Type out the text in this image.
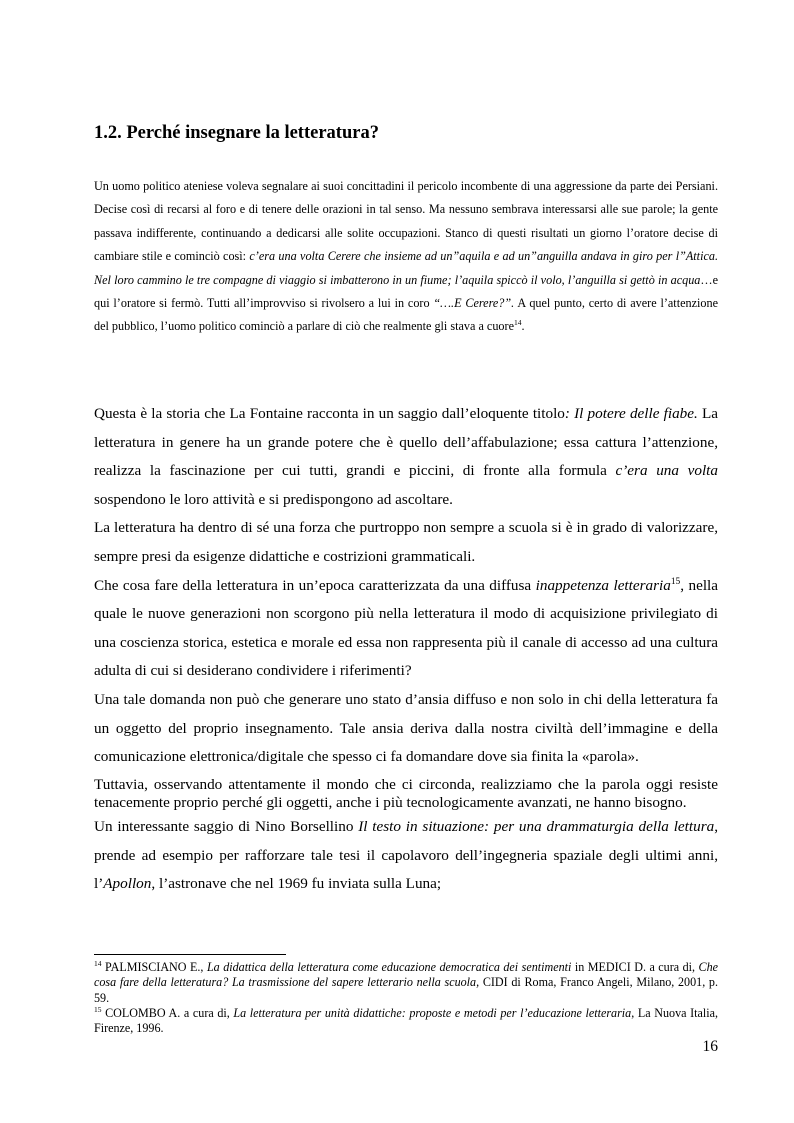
1.2. Perché insegnare la letteratura?

Un uomo politico ateniese voleva segnalare ai suoi concittadini il pericolo incombente di una aggressione da parte dei Persiani. Decise così di recarsi al foro e di tenere delle orazioni in tal senso. Ma nessuno sembrava interessarsi alle sue parole; la gente passava indifferente, continuando a dedicarsi alle solite occupazioni. Stanco di questi risultati un giorno l’oratore decise di cambiare stile e cominciò così: c’era una volta Cerere che insieme ad un”aquila e ad un”anguilla andava in giro per l”Attica. Nel loro cammino le tre compagne di viaggio si imbatterono in un fiume; l’aquila spiccò il volo, l’anguilla si gettò in acqua…e qui l’oratore si fermò. Tutti all’improvviso si rivolsero a lui in coro “….E Cerere?”. A quel punto, certo di avere l’attenzione del pubblico, l’uomo politico cominciò a parlare di ciò che realmente gli stava a cuore$^{14}$.

Questa è la storia che La Fontaine racconta in un saggio dall’eloquente titolo: Il potere delle fiabe. La letteratura in genere ha un grande potere che è quello dell’affabulazione; essa cattura l’attenzione, realizza la fascinazione per cui tutti, grandi e piccini, di fronte alla formula c’era una volta sospendono le loro attività e si predispongono ad ascoltare.

La letteratura ha dentro di sé una forza che purtroppo non sempre a scuola si è in grado di valorizzare, sempre presi da esigenze didattiche e costrizioni grammaticali.

Che cosa fare della letteratura in un’epoca caratterizzata da una diffusa inappetenza letteraria$^{15}$, nella quale le nuove generazioni non scorgono più nella letteratura il modo di acquisizione privilegiato di una coscienza storica, estetica e morale ed essa non rappresenta più il canale di accesso ad una cultura adulta di cui si desiderano condividere i riferimenti?

Una tale domanda non può che generare uno stato d’ansia diffuso e non solo in chi della letteratura fa un oggetto del proprio insegnamento. Tale ansia deriva dalla nostra civiltà dell’immagine e della comunicazione elettronica/digitale che spesso ci fa domandare dove sia finita la «parola».

Tuttavia, osservando attentamente il mondo che ci circonda, realizziamo che la parola oggi resiste tenacemente proprio perché gli oggetti, anche i più tecnologicamente avanzati, ne hanno bisogno.

Un interessante saggio di Nino Borsellino Il testo in situazione: per una drammaturgia della lettura, prende ad esempio per rafforzare tale tesi il capolavoro dell’ingegneria spaziale degli ultimi anni, l’Apollon, l’astronave che nel 1969 fu inviata sulla Luna;

$^{14}$ PALMISCIANO E., La didattica della letteratura come educazione democratica dei sentimenti in MEDICI D. a cura di, Che cosa fare della letteratura? La trasmissione del sapere letterario nella scuola, CIDI di Roma, Franco Angeli, Milano, 2001, p. 59.

$^{15}$ COLOMBO A. a cura di, La letteratura per unità didattiche: proposte e metodi per l’educazione letteraria, La Nuova Italia, Firenze, 1996.

16
